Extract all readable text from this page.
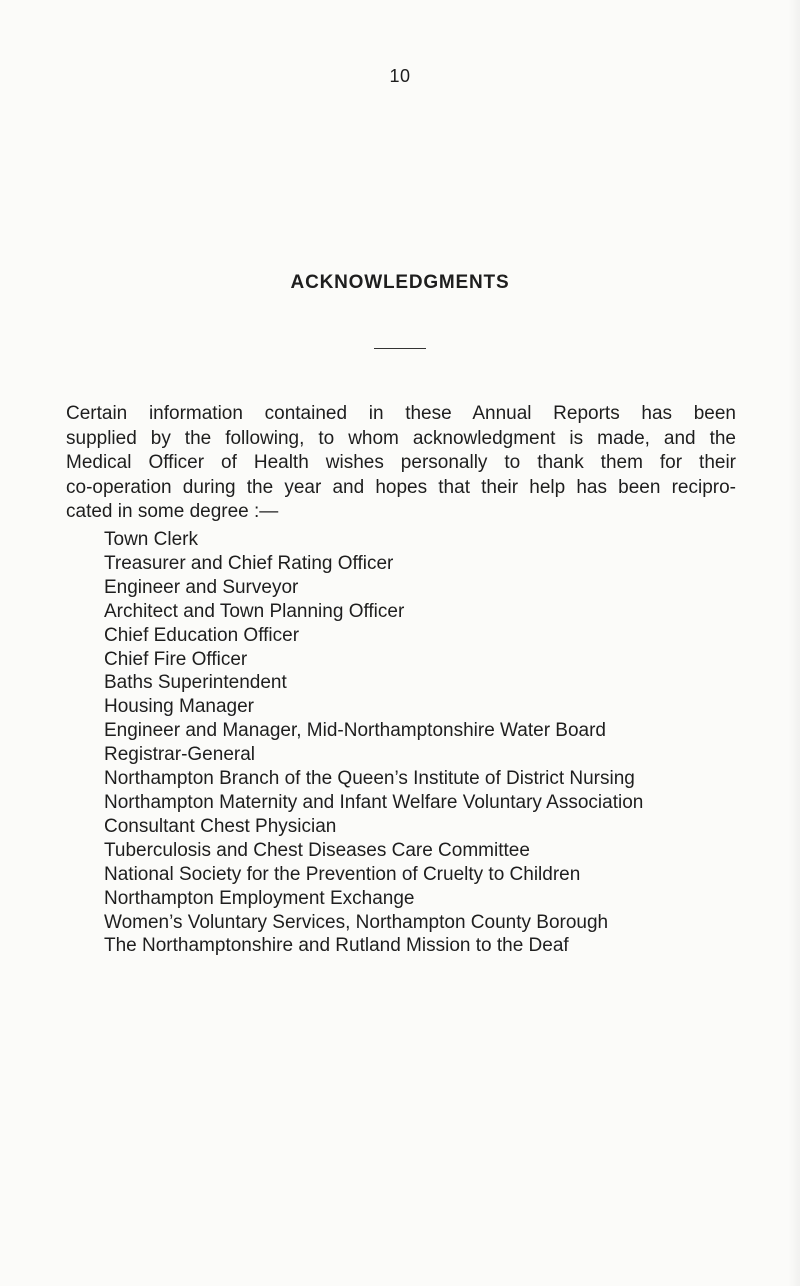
10
ACKNOWLEDGMENTS
Certain information contained in these Annual Reports has been
supplied by the following, to whom acknowledgment is made, and the
Medical Officer of Health wishes personally to thank them for their
co-operation during the year and hopes that their help has been recipro-
cated in some degree :—
Town Clerk
Treasurer and Chief Rating Officer
Engineer and Surveyor
Architect and Town Planning Officer
Chief Education Officer
Chief Fire Officer
Baths Superintendent
Housing Manager
Engineer and Manager, Mid-Northamptonshire Water Board
Registrar-General
Northampton Branch of the Queen’s Institute of District Nursing
Northampton Maternity and Infant Welfare Voluntary Association
Consultant Chest Physician
Tuberculosis and Chest Diseases Care Committee
National Society for the Prevention of Cruelty to Children
Northampton Employment Exchange
Women’s Voluntary Services, Northampton County Borough
The Northamptonshire and Rutland Mission to the Deaf
